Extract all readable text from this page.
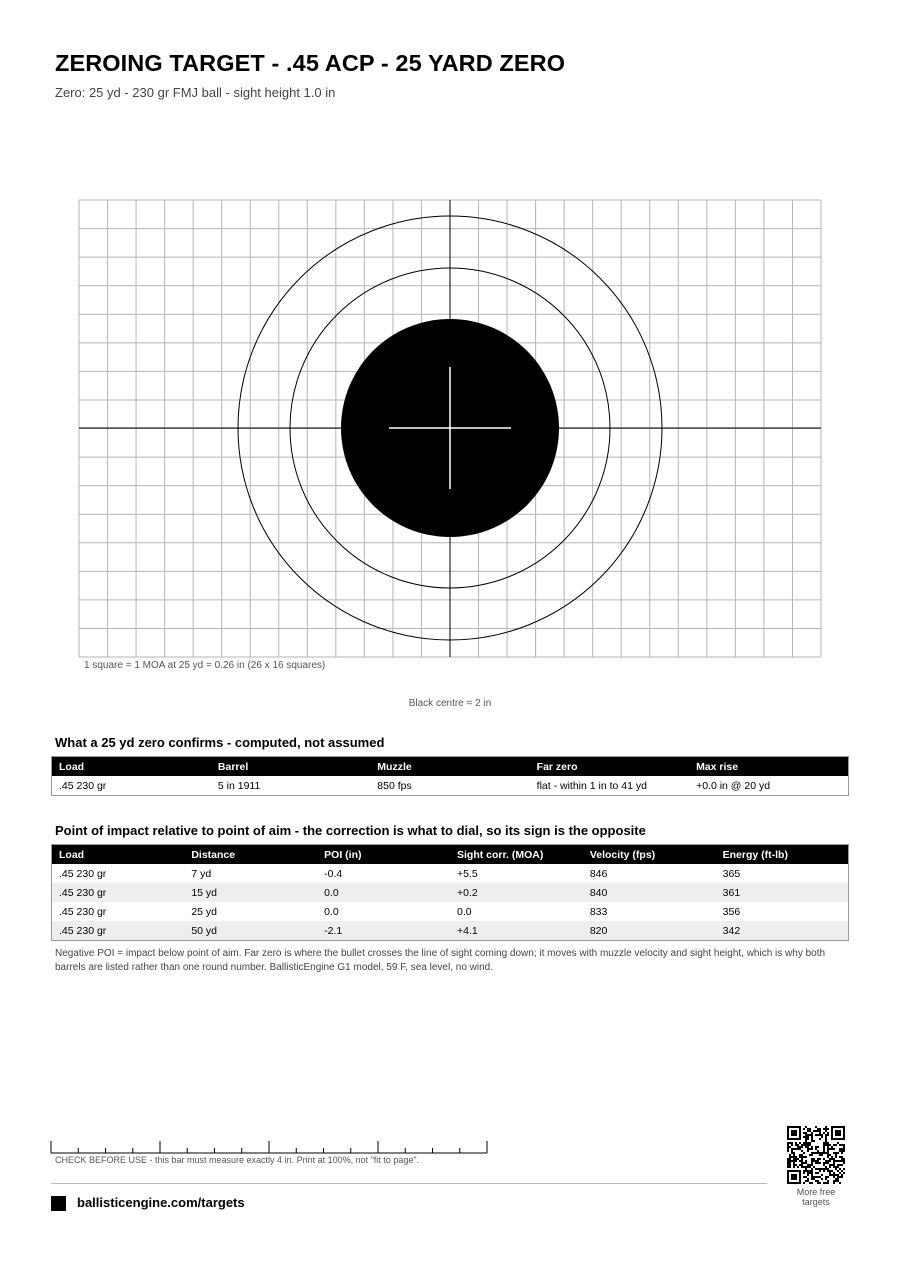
ZEROING TARGET - .45 ACP - 25 YARD ZERO
Zero: 25 yd - 230 gr FMJ ball - sight height 1.0 in
1 square = 1 MOA at 25 yd = 0.26 in (26 x 16 squares)
Black centre = 2 in
What a 25 yd zero confirms - computed, not assumed
Load	Barrel	Muzzle	Far zero	Max rise
.45 230 gr	5 in 1911	850 fps	flat - within 1 in to 41 yd	+0.0 in @ 20 yd
Point of impact relative to point of aim - the correction is what to dial, so its sign is the opposite
Load	Distance	POI (in)	Sight corr. (MOA)	Velocity (fps)	Energy (ft-lb)
.45 230 gr	7 yd	-0.4	+5.5	846	365
.45 230 gr	15 yd	0.0	+0.2	840	361
.45 230 gr	25 yd	0.0	0.0	833	356
.45 230 gr	50 yd	-2.1	+4.1	820	342
Negative POI = impact below point of aim. Far zero is where the bullet crosses the line of sight coming down; it moves with muzzle velocity and sight height, which is why both barrels are listed rather than one round number. BallisticEngine G1 model, 59 F, sea level, no wind.
CHECK BEFORE USE - this bar must measure exactly 4 in. Print at 100%, not "fit to page".
ballisticengine.com/targets
More free
targets
